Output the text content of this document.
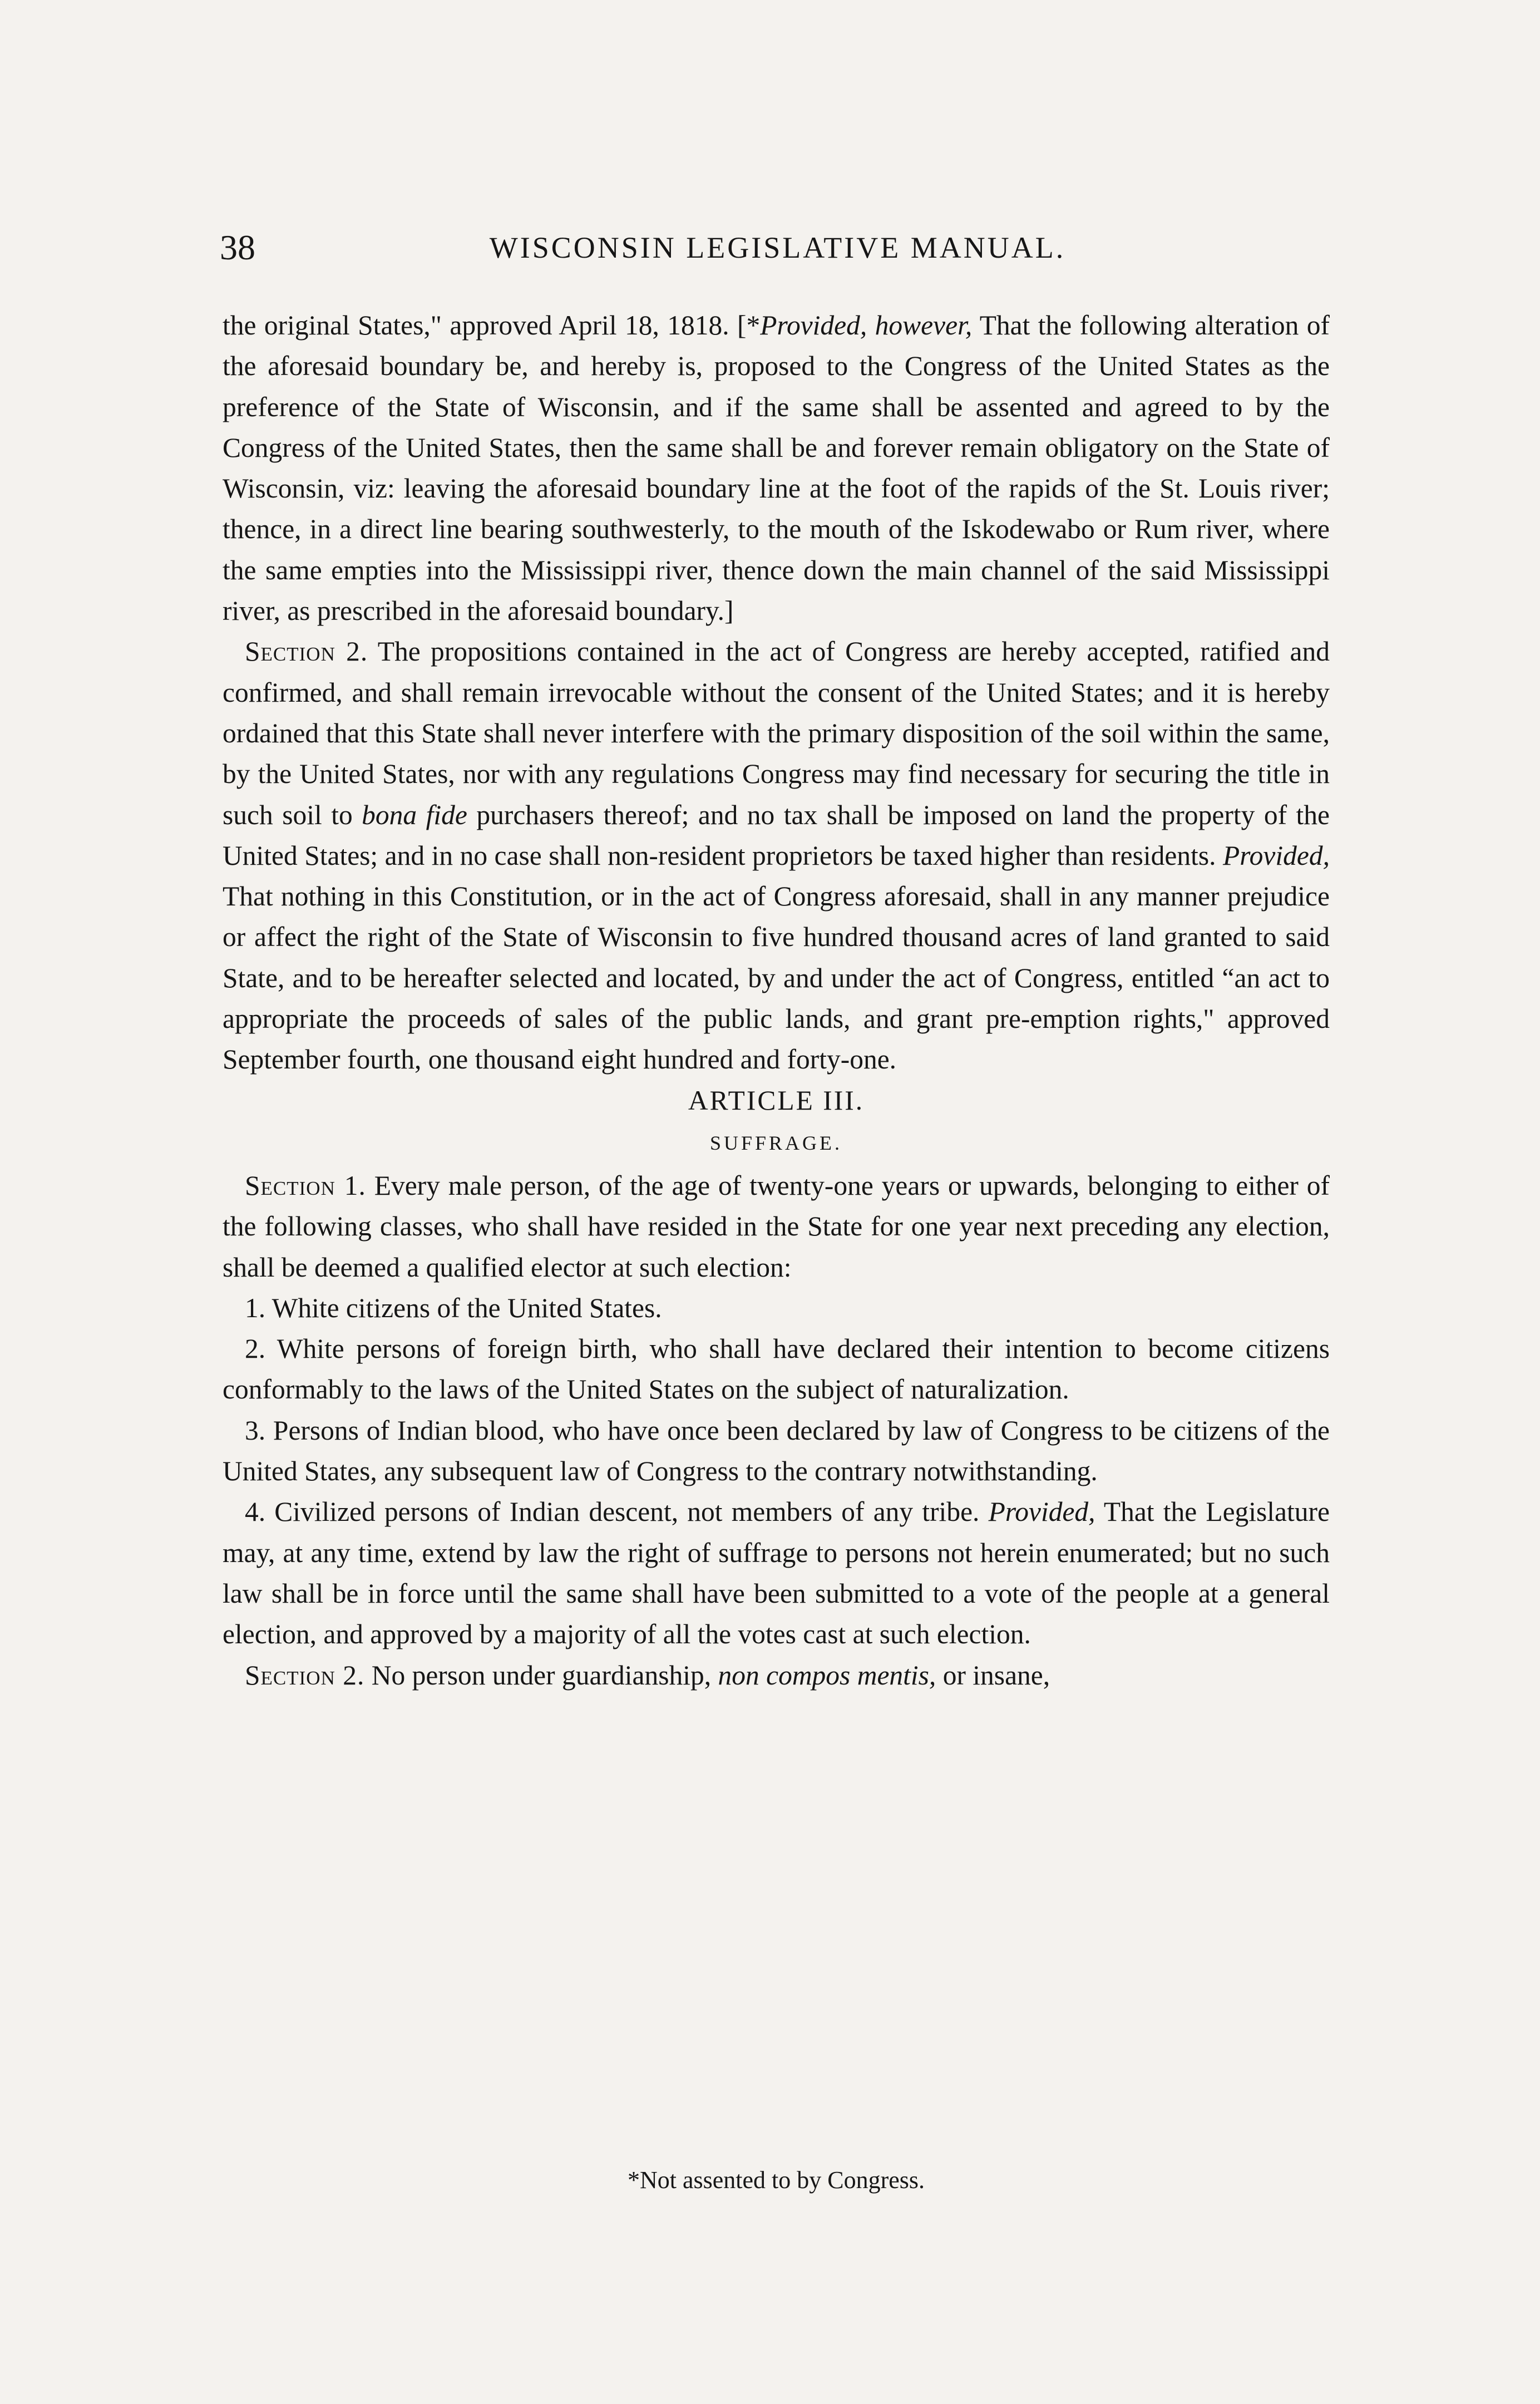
38	WISCONSIN LEGISLATIVE MANUAL.

the original States," approved April 18, 1818. [*Provided, however, That the following alteration of the aforesaid boundary be, and hereby is, proposed to the Congress of the United States as the preference of the State of Wisconsin, and if the same shall be assented and agreed to by the Congress of the United States, then the same shall be and forever remain obligatory on the State of Wisconsin, viz: leaving the aforesaid boundary line at the foot of the rapids of the St. Louis river; thence, in a direct line bearing southwesterly, to the mouth of the Iskodewabo or Rum river, where the same empties into the Mississippi river, thence down the main channel of the said Mississippi river, as prescribed in the aforesaid boundary.]

Section 2. The propositions contained in the act of Congress are hereby accepted, ratified and confirmed, and shall remain irrevocable without the consent of the United States; and it is hereby ordained that this State shall never interfere with the primary disposition of the soil within the same, by the United States, nor with any regulations Congress may find necessary for securing the title in such soil to bona fide purchasers thereof; and no tax shall be imposed on land the property of the United States; and in no case shall non-resident proprietors be taxed higher than residents. Provided, That nothing in this Constitution, or in the act of Congress aforesaid, shall in any manner prejudice or affect the right of the State of Wisconsin to five hundred thousand acres of land granted to said State, and to be hereafter selected and located, by and under the act of Congress, entitled “an act to appropriate the proceeds of sales of the public lands, and grant pre-emption rights," approved September fourth, one thousand eight hundred and forty-one.

ARTICLE III.

SUFFRAGE.

Section 1. Every male person, of the age of twenty-one years or upwards, belonging to either of the following classes, who shall have resided in the State for one year next preceding any election, shall be deemed a qualified elector at such election:

1. White citizens of the United States.

2. White persons of foreign birth, who shall have declared their intention to become citizens conformably to the laws of the United States on the subject of naturalization.

3. Persons of Indian blood, who have once been declared by law of Congress to be citizens of the United States, any subsequent law of Congress to the contrary notwithstanding.

4. Civilized persons of Indian descent, not members of any tribe. Provided, That the Legislature may, at any time, extend by law the right of suffrage to persons not herein enumerated; but no such law shall be in force until the same shall have been submitted to a vote of the people at a general election, and approved by a majority of all the votes cast at such election.

Section 2. No person under guardianship, non compos mentis, or insane,

*Not assented to by Congress.
